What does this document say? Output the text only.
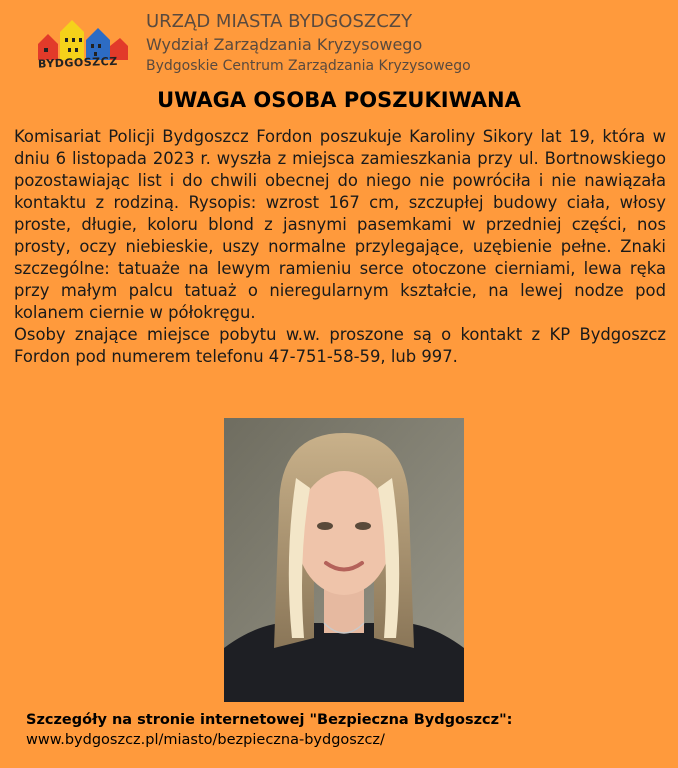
BYDGOSZCZ
URZĄD MIASTA BYDGOSZCZY
Wydział Zarządzania Kryzysowego
Bydgoskie Centrum Zarządzania Kryzysowego
UWAGA OSOBA POSZUKIWANA

Komisariat Policji Bydgoszcz Fordon poszukuje Karoliny Sikory lat 19, która w dniu 6 listopada 2023 r. wyszła z miejsca zamieszkania przy ul. Bortnowskiego pozostawiając list i do chwili obecnej do niego nie powróciła i nie nawiązała kontaktu z rodziną. Rysopis: wzrost 167 cm, szczupłej budowy ciała, włosy proste, długie, koloru blond z jasnymi pasemkami w przedniej części, nos prosty, oczy niebieskie, uszy normalne przylegające, uzębienie pełne. Znaki szczególne: tatuaże na lewym ramieniu serce otoczone cierniami, lewa ręka przy małym palcu tatuaż o nieregularnym kształcie, na lewej nodze pod kolanem ciernie w półokręgu.

Osoby znające miejsce pobytu w.w. proszone są o kontakt z KP Bydgoszcz Fordon pod numerem telefonu 47-751-58-59, lub 997.

Szczegóły na stronie internetowej "Bezpieczna Bydgoszcz":
www.bydgoszcz.pl/miasto/bezpieczna-bydgoszcz/
